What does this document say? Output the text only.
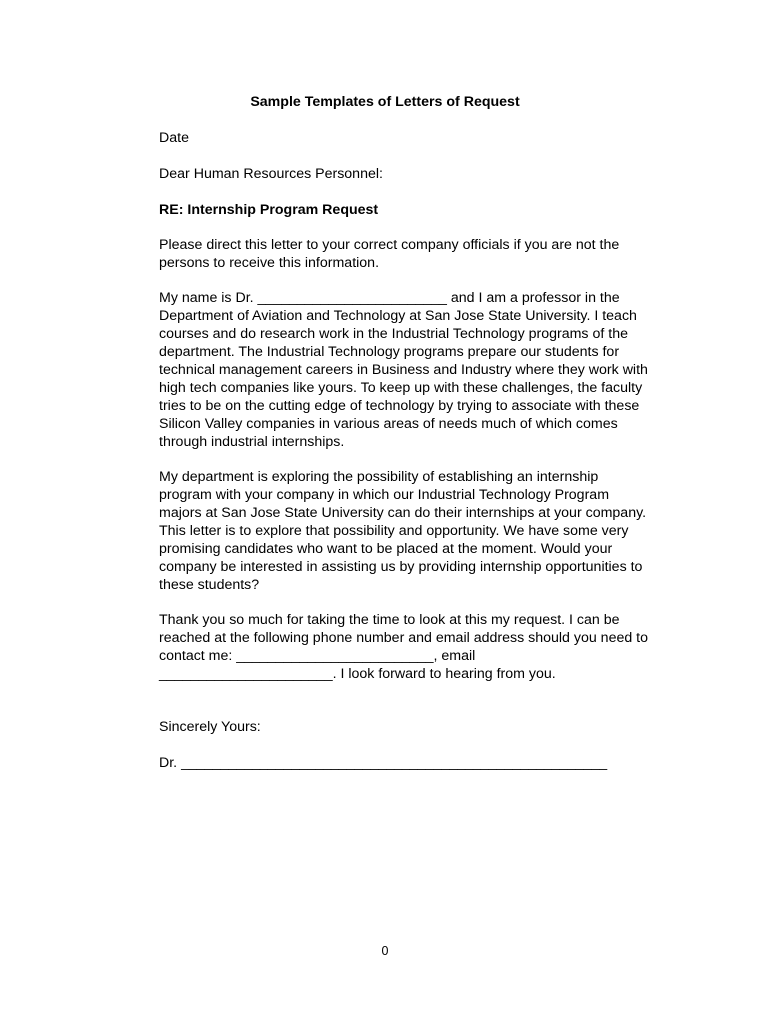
Sample Templates of Letters of Request
Date
Dear Human Resources Personnel:
RE: Internship Program Request
Please direct this letter to your correct company officials if you are not the
persons to receive this information.
My name is Dr. ________________________ and I am a professor in the
Department of Aviation and Technology at San Jose State University. I teach
courses and do research work in the Industrial Technology programs of the
department. The Industrial Technology programs prepare our students for
technical management careers in Business and Industry where they work with
high tech companies like yours. To keep up with these challenges, the faculty
tries to be on the cutting edge of technology by trying to associate with these
Silicon Valley companies in various areas of needs much of which comes
through industrial internships.
My department is exploring the possibility of establishing an internship
program with your company in which our Industrial Technology Program
majors at San Jose State University can do their internships at your company.
This letter is to explore that possibility and opportunity. We have some very
promising candidates who want to be placed at the moment. Would your
company be interested in assisting us by providing internship opportunities to
these students?
Thank you so much for taking the time to look at this my request. I can be
reached at the following phone number and email address should you need to
contact me: _________________________, email
______________________. I look forward to hearing from you.
Sincerely Yours:
Dr. ______________________________________________________
0
